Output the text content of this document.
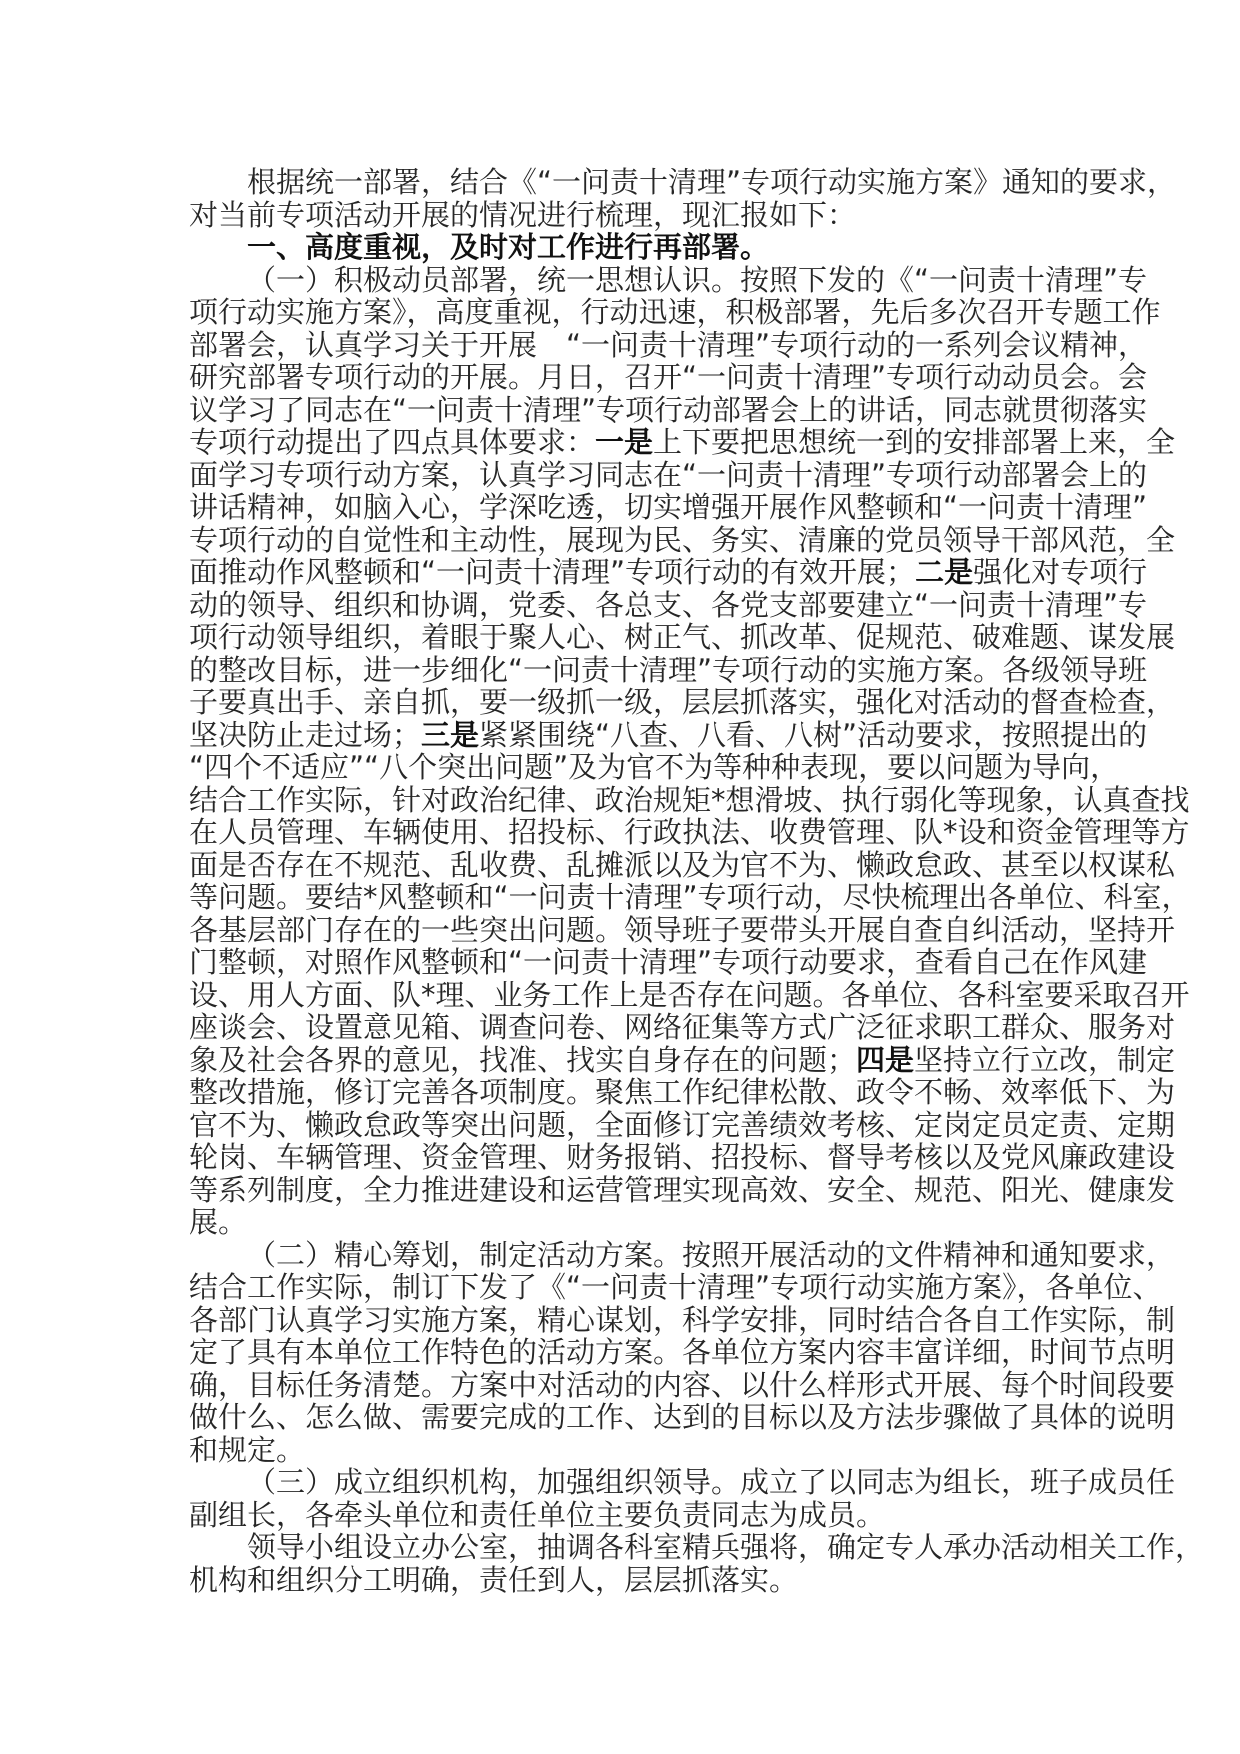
根据统一部署，结合《“一问责十清理”专项行动实施方案》通知的要求，
对当前专项活动开展的情况进行梳理，现汇报如下：
一、高度重视，及时对工作进行再部署。
（一）积极动员部署，统一思想认识。按照下发的《“一问责十清理”专
项行动实施方案》，高度重视，行动迅速，积极部署，先后多次召开专题工作
部署会，认真学习关于开展　“一问责十清理”专项行动的一系列会议精神，
研究部署专项行动的开展。月日，召开“一问责十清理”专项行动动员会。会
议学习了同志在“一问责十清理”专项行动部署会上的讲话，同志就贯彻落实
专项行动提出了四点具体要求：一是上下要把思想统一到的安排部署上来，全
面学习专项行动方案，认真学习同志在“一问责十清理”专项行动部署会上的
讲话精神，如脑入心，学深吃透，切实增强开展作风整顿和“一问责十清理”
专项行动的自觉性和主动性，展现为民、务实、清廉的党员领导干部风范，全
面推动作风整顿和“一问责十清理”专项行动的有效开展；二是强化对专项行
动的领导、组织和协调，党委、各总支、各党支部要建立“一问责十清理”专
项行动领导组织，着眼于聚人心、树正气、抓改革、促规范、破难题、谋发展
的整改目标，进一步细化“一问责十清理”专项行动的实施方案。各级领导班
子要真出手、亲自抓，要一级抓一级，层层抓落实，强化对活动的督查检查，
坚决防止走过场；三是紧紧围绕“八查、八看、八树”活动要求，按照提出的
“四个不适应”“八个突出问题”及为官不为等种种表现，要以问题为导向，
结合工作实际，针对政治纪律、政治规矩*想滑坡、执行弱化等现象，认真查找
在人员管理、车辆使用、招投标、行政执法、收费管理、队*设和资金管理等方
面是否存在不规范、乱收费、乱摊派以及为官不为、懒政怠政、甚至以权谋私
等问题。要结*风整顿和“一问责十清理”专项行动，尽快梳理出各单位、科室，
各基层部门存在的一些突出问题。领导班子要带头开展自查自纠活动，坚持开
门整顿，对照作风整顿和“一问责十清理”专项行动要求，查看自己在作风建
设、用人方面、队*理、业务工作上是否存在问题。各单位、各科室要采取召开
座谈会、设置意见箱、调查问卷、网络征集等方式广泛征求职工群众、服务对
象及社会各界的意见，找准、找实自身存在的问题；四是坚持立行立改，制定
整改措施，修订完善各项制度。聚焦工作纪律松散、政令不畅、效率低下、为
官不为、懒政怠政等突出问题，全面修订完善绩效考核、定岗定员定责、定期
轮岗、车辆管理、资金管理、财务报销、招投标、督导考核以及党风廉政建设
等系列制度，全力推进建设和运营管理实现高效、安全、规范、阳光、健康发
展。
（二）精心筹划，制定活动方案。按照开展活动的文件精神和通知要求，
结合工作实际，制订下发了《“一问责十清理”专项行动实施方案》，各单位、
各部门认真学习实施方案，精心谋划，科学安排，同时结合各自工作实际，制
定了具有本单位工作特色的活动方案。各单位方案内容丰富详细，时间节点明
确，目标任务清楚。方案中对活动的内容、以什么样形式开展、每个时间段要
做什么、怎么做、需要完成的工作、达到的目标以及方法步骤做了具体的说明
和规定。
（三）成立组织机构，加强组织领导。成立了以同志为组长，班子成员任
副组长，各牵头单位和责任单位主要负责同志为成员。
领导小组设立办公室，抽调各科室精兵强将，确定专人承办活动相关工作，
机构和组织分工明确，责任到人，层层抓落实。
